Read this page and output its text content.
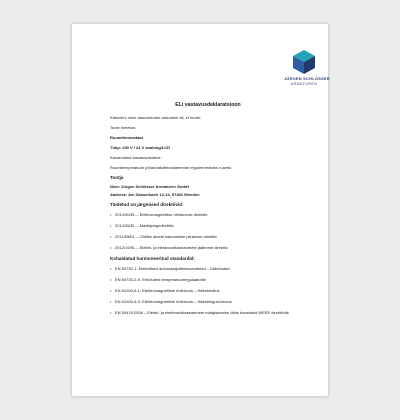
JÜRGEN SCHLÖSSER
ARMATUREN
ELi vastavusdeklaratsioon
Käesolev ohne ainuvastutus vastutuse all, et toode:
Toote nimetus:
Ruumitermostaat
Tüüp: 230 V / 24 V analoog/LCD
Kavandatud kasutusotstarve:
Ruumitemperatuuri põrandaküttesüsteemide reguleerimiseks ruumis
Tootja
Nimi: Jürgen Schlösser Armaturen GmbH
Aadress: Am Dasserbach 12-14, 57482 Wenden
Täidetud on järgmised direktiivid:
• 2014/30/EL – Elektromagnetilise ühilduvuse direktiiv
• 2014/35/EL – Madalpingedirektiiv
• 2011/65/EL – Ohtlike ainete kasutamise piiramise direktiiv
• 2012/19/EL – Elektri- ja elektroonikaseadmete jäätmete direktiiv
Kohaldatud harmoneeritud standardid:
• EN 60730-1: Elektrilised automaatjuhtimisseadmed – Üldnõuded
• EN 60730-2-9: Erinõuded temperatuuriregulaatorile
• EN 61000-6-1: Elektromagnetiline ühilduvus – Häirekindlus
• EN 61000-6-3: Elektromagnetiline ühilduvus – Häirekiirgus/ohutus
• EN 50419:2006 – Elektri- ja elektroonikaseadmete märgistamine tähis koostatud WEEE direktiivile
